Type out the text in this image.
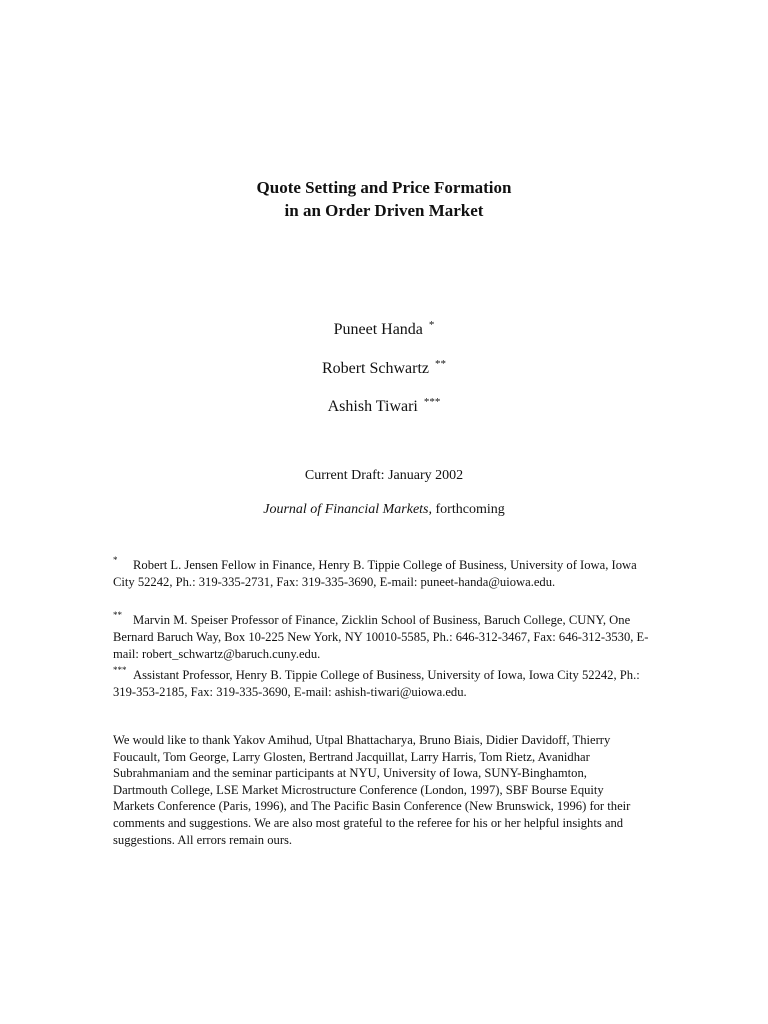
Quote Setting and Price Formation
in an Order Driven Market
Puneet Handa *
Robert Schwartz **
Ashish Tiwari ***
Current Draft: January 2002
Journal of Financial Markets, forthcoming
* Robert L. Jensen Fellow in Finance, Henry B. Tippie College of Business, University of Iowa, Iowa City 52242, Ph.: 319-335-2731, Fax: 319-335-3690, E-mail: puneet-handa@uiowa.edu.
** Marvin M. Speiser Professor of Finance, Zicklin School of Business, Baruch College, CUNY, One Bernard Baruch Way, Box 10-225 New York, NY 10010-5585, Ph.: 646-312-3467, Fax: 646-312-3530, E-mail: robert_schwartz@baruch.cuny.edu.
*** Assistant Professor, Henry B. Tippie College of Business, University of Iowa, Iowa City 52242, Ph.: 319-353-2185, Fax: 319-335-3690, E-mail: ashish-tiwari@uiowa.edu.
We would like to thank Yakov Amihud, Utpal Bhattacharya, Bruno Biais, Didier Davidoff, Thierry Foucault, Tom George, Larry Glosten, Bertrand Jacquillat, Larry Harris, Tom Rietz, Avanidhar Subrahmaniam and the seminar participants at NYU, University of Iowa, SUNY-Binghamton, Dartmouth College, LSE Market Microstructure Conference (London, 1997), SBF Bourse Equity Markets Conference (Paris, 1996), and The Pacific Basin Conference (New Brunswick, 1996) for their comments and suggestions. We are also most grateful to the referee for his or her helpful insights and suggestions. All errors remain ours.
